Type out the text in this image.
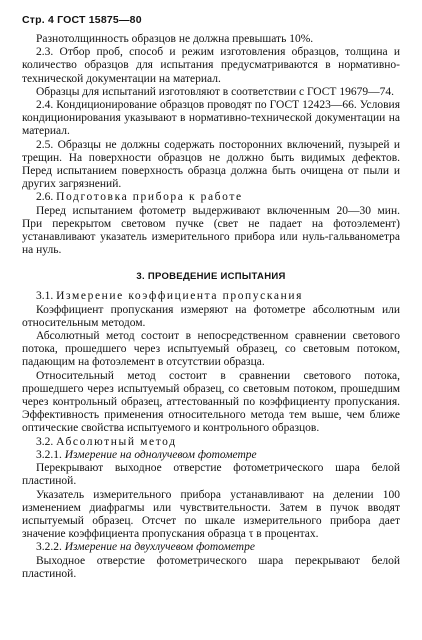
Стр. 4 ГОСТ 15875—80

Разнотолщинность образцов не должна превышать 10%.

2.3. Отбор проб, способ и режим изготовления образцов, толщина и количество образцов для испытания предусматриваются в нормативно-технической документации на материал.

Образцы для испытаний изготовляют в соответствии с ГОСТ 19679—74.

2.4. Кондиционирование образцов проводят по ГОСТ 12423—66. Условия кондиционирования указывают в нормативно-технической документации на материал.

2.5. Образцы не должны содержать посторонних включений, пузырей и трещин. На поверхности образцов не должно быть видимых дефектов. Перед испытанием поверхность образца должна быть очищена от пыли и других загрязнений.

2.6. Подготовка прибора к работе

Перед испытанием фотометр выдерживают включенным 20—30 мин. При перекрытом световом пучке (свет не падает на фотоэлемент) устанавливают указатель измерительного прибора или нуль-гальванометра на нуль.

3. ПРОВЕДЕНИЕ ИСПЫТАНИЯ

3.1. Измерение коэффициента пропускания

Коэффициент пропускания измеряют на фотометре абсолютным или относительным методом.

Абсолютный метод состоит в непосредственном сравнении светового потока, прошедшего через испытуемый образец, со световым потоком, падающим на фотоэлемент в отсутствии образца.

Относительный метод состоит в сравнении светового потока, прошедшего через испытуемый образец, со световым потоком, прошедшим через контрольный образец, аттестованный по коэффициенту пропускания. Эффективность применения относительного метода тем выше, чем ближе оптические свойства испытуемого и контрольного образцов.

3.2. Абсолютный метод

3.2.1. Измерение на однолучевом фотометре

Перекрывают выходное отверстие фотометрического шара белой пластиной.

Указатель измерительного прибора устанавливают на делении 100 изменением диафрагмы или чувствительности. Затем в пучок вводят испытуемый образец. Отсчет по шкале измерительного прибора дает значение коэффициента пропускания образца τ в процентах.

3.2.2. Измерение на двухлучевом фотометре

Выходное отверстие фотометрического шара перекрывают белой пластиной.
